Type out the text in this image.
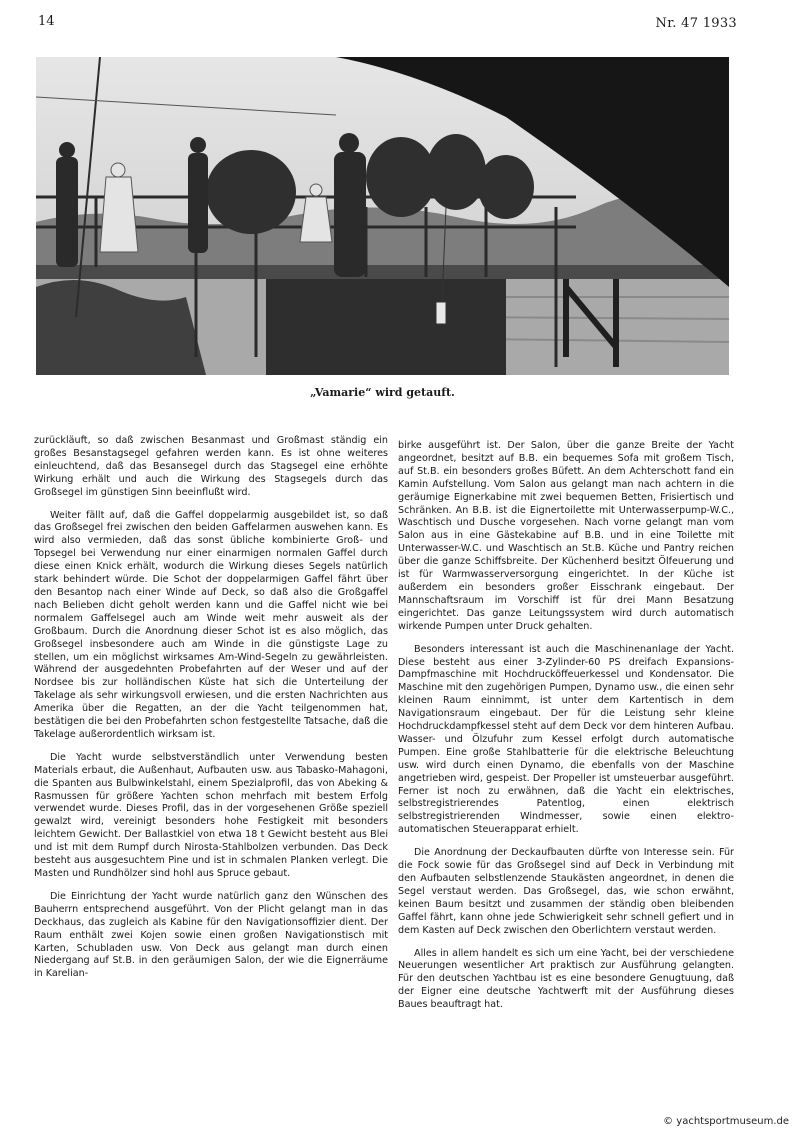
14	Nr. 47 1933
„Vamarie“ wird getauft.

zurückläuft, so daß zwischen Besanmast und Großmast ständig ein großes Besanstagsegel gefahren werden kann. Es ist ohne weiteres einleuchtend, daß das Besansegel durch das Stagsegel eine erhöhte Wirkung erhält und auch die Wirkung des Stagsegels durch das Großsegel im günstigen Sinn beeinflußt wird.

Weiter fällt auf, daß die Gaffel doppelarmig ausgebildet ist, so daß das Großsegel frei zwischen den beiden Gaffelarmen auswehen kann. Es wird also vermieden, daß das sonst übliche kombinierte Groß- und Topsegel bei Verwendung nur einer einarmigen normalen Gaffel durch diese einen Knick erhält, wodurch die Wirkung dieses Segels natürlich stark behindert würde. Die Schot der doppelarmigen Gaffel fährt über den Besantop nach einer Winde auf Deck, so daß also die Großgaffel nach Belieben dicht geholt werden kann und die Gaffel nicht wie bei normalem Gaffelsegel auch am Winde weit mehr ausweit als der Großbaum. Durch die Anordnung dieser Schot ist es also möglich, das Großsegel insbesondere auch am Winde in die günstigste Lage zu stellen, um ein möglichst wirksames Am-Wind-Segeln zu gewährleisten. Während der ausgedehnten Probefahrten auf der Weser und auf der Nordsee bis zur holländischen Küste hat sich die Unterteilung der Takelage als sehr wirkungsvoll erwiesen, und die ersten Nachrichten aus Amerika über die Regatten, an der die Yacht teilgenommen hat, bestätigen die bei den Probefahrten schon festgestellte Tatsache, daß die Takelage außerordentlich wirksam ist.

Die Yacht wurde selbstverständlich unter Verwendung besten Materials erbaut, die Außenhaut, Aufbauten usw. aus Tabasko-Mahagoni, die Spanten aus Bulbwinkelstahl, einem Spezialprofil, das von Abeking & Rasmussen für größere Yachten schon mehrfach mit bestem Erfolg verwendet wurde. Dieses Profil, das in der vorgesehenen Größe speziell gewalzt wird, vereinigt besonders hohe Festigkeit mit besonders leichtem Gewicht. Der Ballastkiel von etwa 18 t Gewicht besteht aus Blei und ist mit dem Rumpf durch Nirosta-Stahlbolzen verbunden. Das Deck besteht aus ausgesuchtem Pine und ist in schmalen Planken verlegt. Die Masten und Rundhölzer sind hohl aus Spruce gebaut.

Die Einrichtung der Yacht wurde natürlich ganz den Wünschen des Bauherrn entsprechend ausgeführt. Von der Plicht gelangt man in das Deckhaus, das zugleich als Kabine für den Navigationsoffizier dient. Der Raum enthält zwei Kojen sowie einen großen Navigationstisch mit Karten, Schubladen usw. Von Deck aus gelangt man durch einen Niedergang auf St.B. in den geräumigen Salon, der wie die Eignerräume in Karelian-

birke ausgeführt ist. Der Salon, über die ganze Breite der Yacht angeordnet, besitzt auf B.B. ein bequemes Sofa mit großem Tisch, auf St.B. ein besonders großes Büfett. An dem Achterschott fand ein Kamin Aufstellung. Vom Salon aus gelangt man nach achtern in die geräumige Eignerkabine mit zwei bequemen Betten, Frisiertisch und Schränken. An B.B. ist die Eignertoilette mit Unterwasserpump-W.C., Waschtisch und Dusche vorgesehen. Nach vorne gelangt man vom Salon aus in eine Gästekabine auf B.B. und in eine Toilette mit Unterwasser-W.C. und Waschtisch an St.B. Küche und Pantry reichen über die ganze Schiffsbreite. Der Küchenherd besitzt Ölfeuerung und ist für Warmwasserversorgung eingerichtet. In der Küche ist außerdem ein besonders großer Eisschrank eingebaut. Der Mannschaftsraum im Vorschiff ist für drei Mann Besatzung eingerichtet. Das ganze Leitungssystem wird durch automatisch wirkende Pumpen unter Druck gehalten.

Besonders interessant ist auch die Maschinenanlage der Yacht. Diese besteht aus einer 3-Zylinder-60 PS dreifach Expansions-Dampfmaschine mit Hochdrucköffeuerkessel und Kondensator. Die Maschine mit den zugehörigen Pumpen, Dynamo usw., die einen sehr kleinen Raum einnimmt, ist unter dem Kartentisch in dem Navigationsraum eingebaut. Der für die Leistung sehr kleine Hochdruckdampfkessel steht auf dem Deck vor dem hinteren Aufbau. Wasser- und Ölzufuhr zum Kessel erfolgt durch automatische Pumpen. Eine große Stahlbatterie für die elektrische Beleuchtung usw. wird durch einen Dynamo, die ebenfalls von der Maschine angetrieben wird, gespeist. Der Propeller ist umsteuerbar ausgeführt. Ferner ist noch zu erwähnen, daß die Yacht ein elektrisches, selbstregistrierendes Patentlog, einen elektrisch selbstregistrierenden Windmesser, sowie einen elektro-automatischen Steuerapparat erhielt.

Die Anordnung der Deckaufbauten dürfte von Interesse sein. Für die Fock sowie für das Großsegel sind auf Deck in Verbindung mit den Aufbauten selbstlenzende Staukästen angeordnet, in denen die Segel verstaut werden. Das Großsegel, das, wie schon erwähnt, keinen Baum besitzt und zusammen der ständig oben bleibenden Gaffel fährt, kann ohne jede Schwierigkeit sehr schnell gefiert und in dem Kasten auf Deck zwischen den Oberlichtern verstaut werden.

Alles in allem handelt es sich um eine Yacht, bei der verschiedene Neuerungen wesentlicher Art praktisch zur Ausführung gelangten. Für den deutschen Yachtbau ist es eine besondere Genugtuung, daß der Eigner eine deutsche Yachtwerft mit der Ausführung dieses Baues beauftragt hat.

© yachtsportmuseum.de
